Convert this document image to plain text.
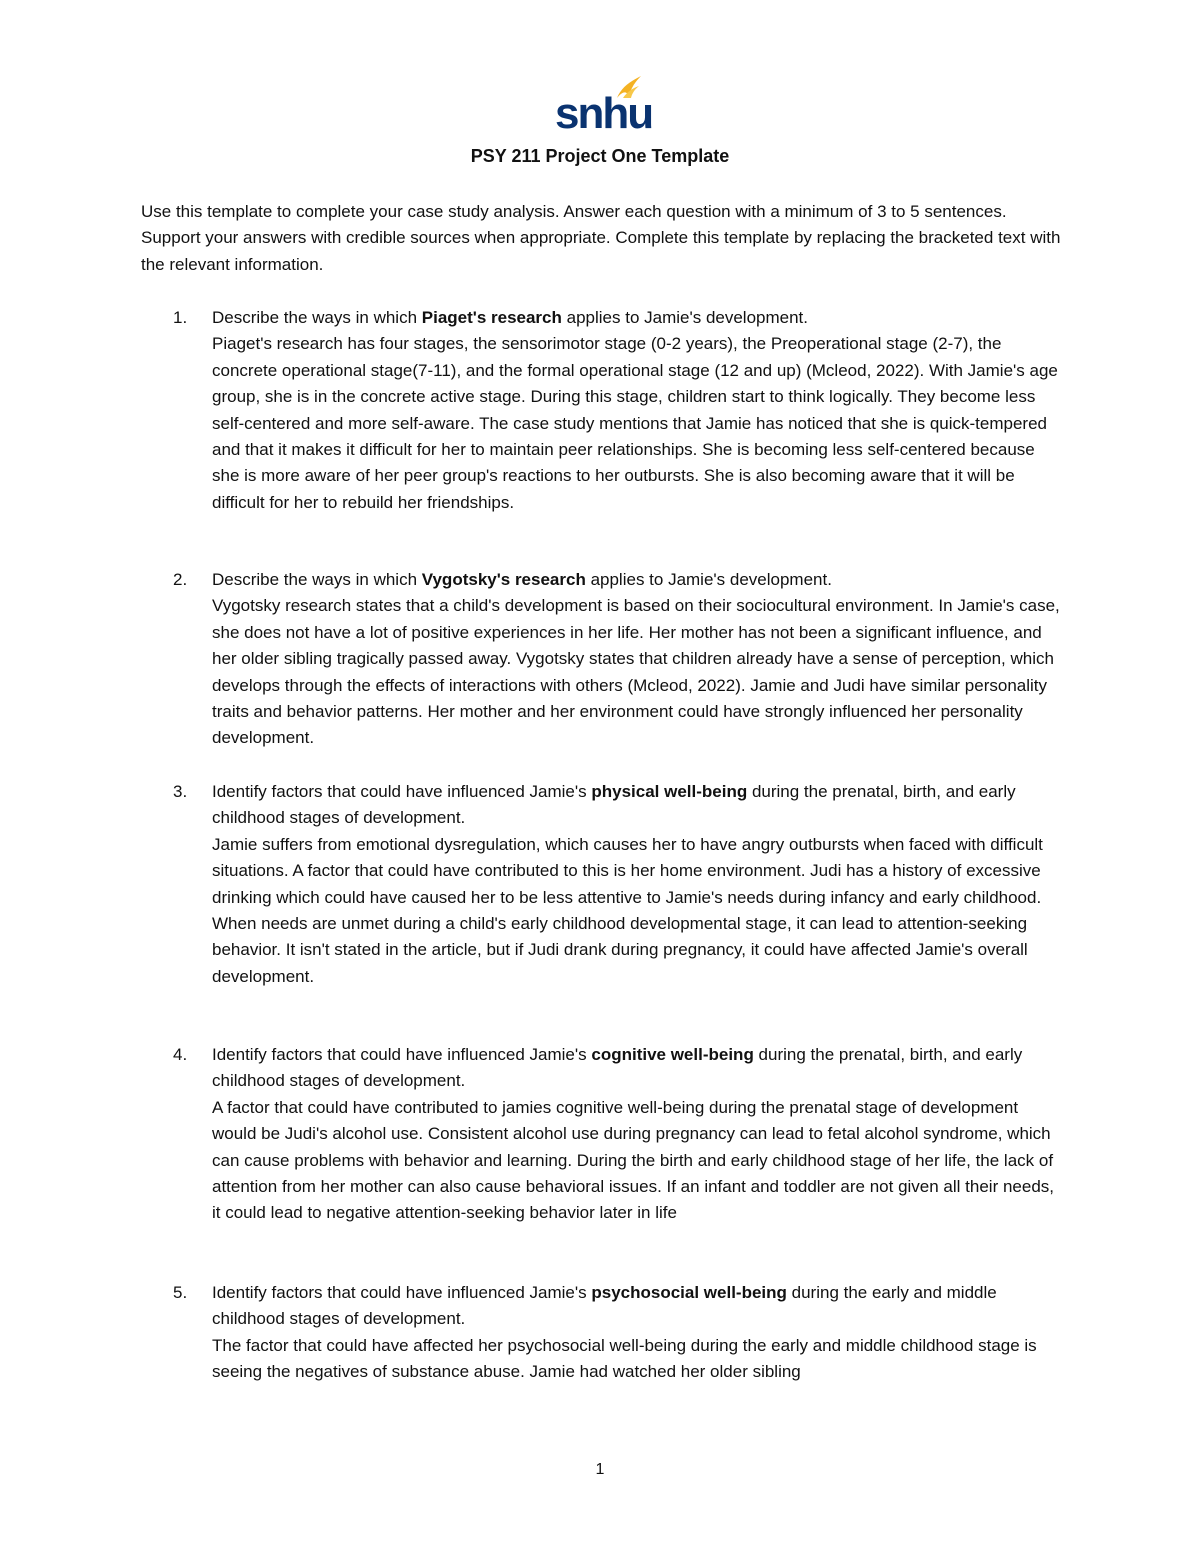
snhu
PSY 211 Project One Template
Use this template to complete your case study analysis. Answer each question with a minimum of 3 to 5 sentences. Support your answers with credible sources when appropriate. Complete this template by replacing the bracketed text with the relevant information.
1. Describe the ways in which Piaget's research applies to Jamie's development.
Piaget's research has four stages, the sensorimotor stage (0-2 years), the Preoperational stage (2-7), the concrete operational stage(7-11), and the formal operational stage (12 and up) (Mcleod, 2022). With Jamie's age group, she is in the concrete active stage. During this stage, children start to think logically. They become less self-centered and more self-aware. The case study mentions that Jamie has noticed that she is quick-tempered and that it makes it difficult for her to maintain peer relationships. She is becoming less self-centered because she is more aware of her peer group's reactions to her outbursts. She is also becoming aware that it will be difficult for her to rebuild her friendships.
2. Describe the ways in which Vygotsky's research applies to Jamie's development.
Vygotsky research states that a child's development is based on their sociocultural environment. In Jamie's case, she does not have a lot of positive experiences in her life. Her mother has not been a significant influence, and her older sibling tragically passed away. Vygotsky states that children already have a sense of perception, which develops through the effects of interactions with others (Mcleod, 2022). Jamie and Judi have similar personality traits and behavior patterns. Her mother and her environment could have strongly influenced her personality development.
3. Identify factors that could have influenced Jamie's physical well-being during the prenatal, birth, and early childhood stages of development.
Jamie suffers from emotional dysregulation, which causes her to have angry outbursts when faced with difficult situations. A factor that could have contributed to this is her home environment. Judi has a history of excessive drinking which could have caused her to be less attentive to Jamie's needs during infancy and early childhood. When needs are unmet during a child's early childhood developmental stage, it can lead to attention-seeking behavior. It isn't stated in the article, but if Judi drank during pregnancy, it could have affected Jamie's overall development.
4. Identify factors that could have influenced Jamie's cognitive well-being during the prenatal, birth, and early childhood stages of development.
A factor that could have contributed to jamies cognitive well-being during the prenatal stage of development would be Judi's alcohol use. Consistent alcohol use during pregnancy can lead to fetal alcohol syndrome, which can cause problems with behavior and learning. During the birth and early childhood stage of her life, the lack of attention from her mother can also cause behavioral issues. If an infant and toddler are not given all their needs, it could lead to negative attention-seeking behavior later in life
5. Identify factors that could have influenced Jamie's psychosocial well-being during the early and middle childhood stages of development.
The factor that could have affected her psychosocial well-being during the early and middle childhood stage is seeing the negatives of substance abuse. Jamie had watched her older sibling
1
